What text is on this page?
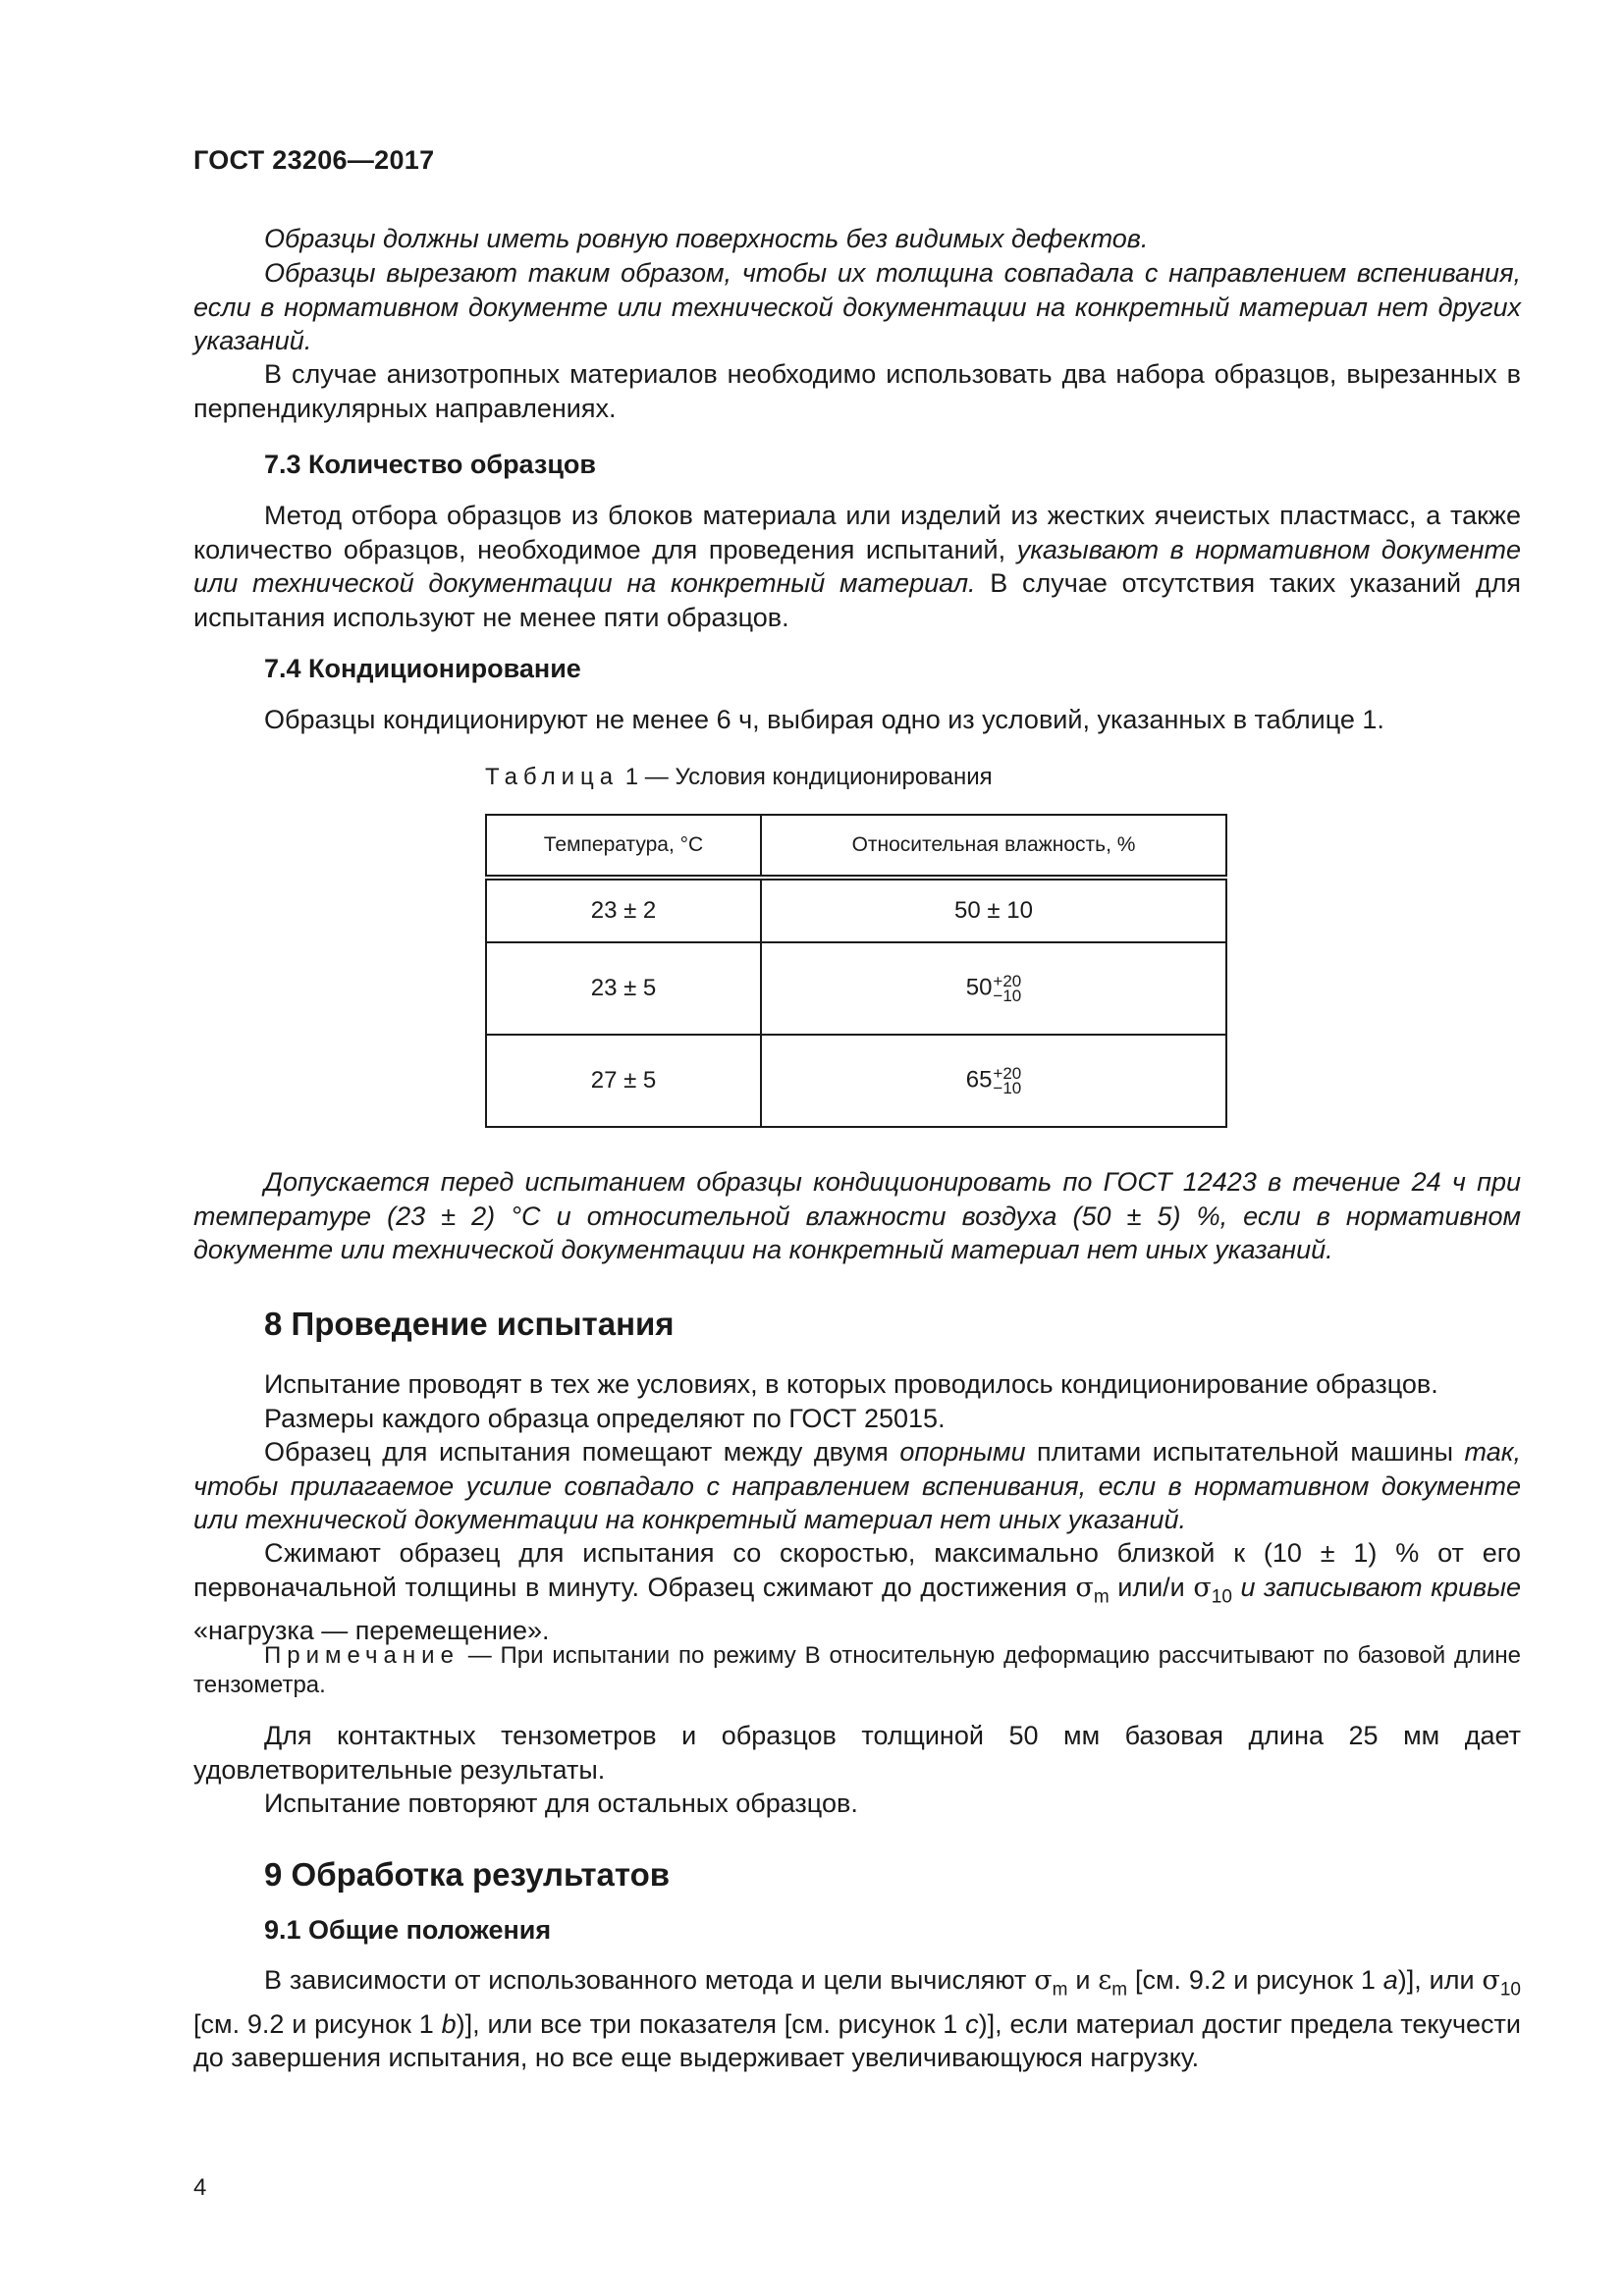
ГОСТ 23206—2017

Образцы должны иметь ровную поверхность без видимых дефектов.

Образцы вырезают таким образом, чтобы их толщина совпадала с направлением вспенивания, если в нормативном документе или технической документации на конкретный материал нет других указаний.

В случае анизотропных материалов необходимо использовать два набора образцов, вырезанных в перпендикулярных направлениях.

7.3 Количество образцов

Метод отбора образцов из блоков материала или изделий из жестких ячеистых пластмасс, а также количество образцов, необходимое для проведения испытаний, указывают в нормативном документе или технической документации на конкретный материал. В случае отсутствия таких указаний для испытания используют не менее пяти образцов.

7.4 Кондиционирование

Образцы кондиционируют не менее 6 ч, выбирая одно из условий, указанных в таблице 1.

Таблица 1 — Условия кондиционирования
Температура, °С	Относительная влажность, %
23 ± 2	50 ± 10
23 ± 5	50 +20
−10

27 ± 5	65 +20
−10

Допускается перед испытанием образцы кондиционировать по ГОСТ 12423 в течение 24 ч при температуре (23 ± 2) °С и относительной влажности воздуха (50 ± 5) %, если в нормативном документе или технической документации на конкретный материал нет иных указаний.

8 Проведение испытания

Испытание проводят в тех же условиях, в которых проводилось кондиционирование образцов.

Размеры каждого образца определяют по ГОСТ 25015.

Образец для испытания помещают между двумя опорными плитами испытательной машины так, чтобы прилагаемое усилие совпадало с направлением вспенивания, если в нормативном документе или технической документации на конкретный материал нет иных указаний.

Сжимают образец для испытания со скоростью, максимально близкой к (10 ± 1) % от его первоначальной толщины в минуту. Образец сжимают до достижения $\sigma_m$ или/и $\sigma_{10}$ и записывают кривые «нагрузка — перемещение».

Примечание — При испытании по режиму В относительную деформацию рассчитывают по базовой длине тензометра.

Для контактных тензометров и образцов толщиной 50 мм базовая длина 25 мм дает удовлетворительные результаты.

Испытание повторяют для остальных образцов.

9 Обработка результатов
9.1 Общие положения

В зависимости от использованного метода и цели вычисляют $\sigma_m$ и $\varepsilon_m$ [см. 9.2 и рисунок 1 a)], или $\sigma_{10}$ [см. 9.2 и рисунок 1 b)], или все три показателя [см. рисунок 1 c)], если материал достиг предела текучести до завершения испытания, но все еще выдерживает увеличивающуюся нагрузку.

4
